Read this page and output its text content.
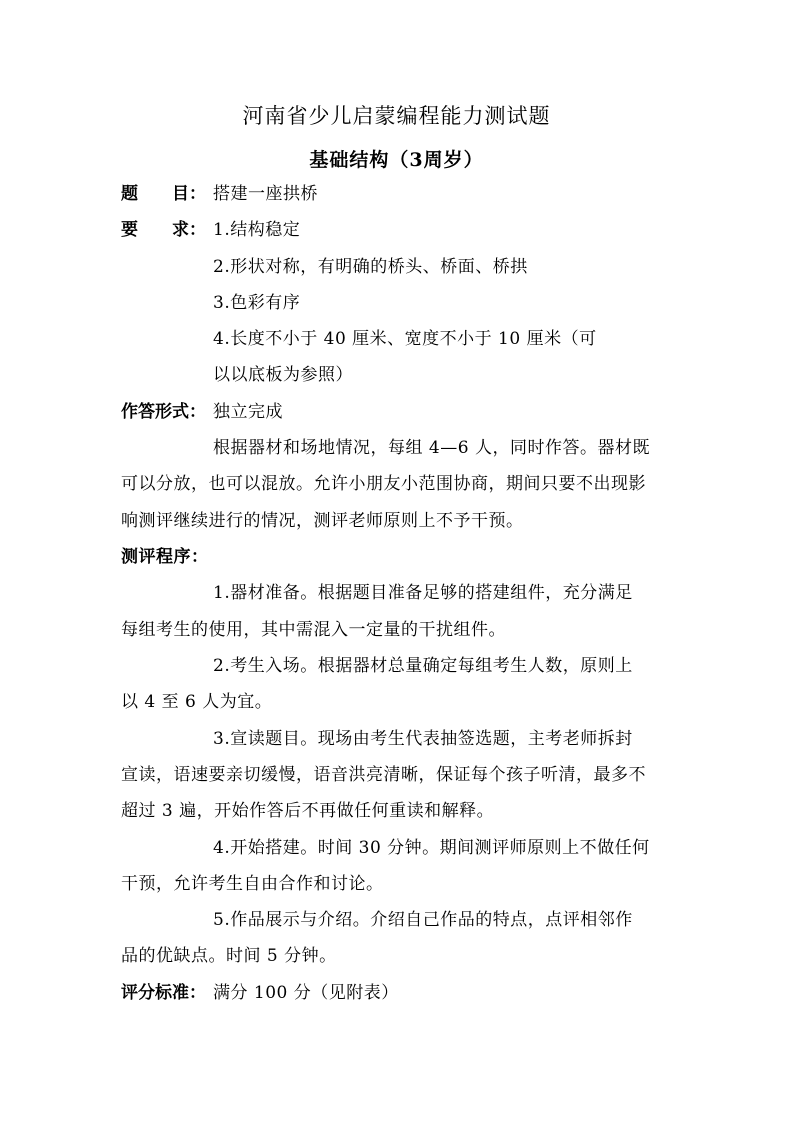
河南省少儿启蒙编程能力测试题
基础结构（3周岁）
题　　目： 搭建一座拱桥
要　　求： 1.结构稳定
2.形状对称，有明确的桥头、桥面、桥拱
3.色彩有序
4.长度不小于 40 厘米、宽度不小于 10 厘米（可
以以底板为参照）
作答形式： 独立完成
根据器材和场地情况，每组 4—6 人，同时作答。器材既
可以分放，也可以混放。允许小朋友小范围协商，期间只要不出现影
响测评继续进行的情况，测评老师原则上不予干预。
测评程序：
1.器材准备。根据题目准备足够的搭建组件，充分满足
每组考生的使用，其中需混入一定量的干扰组件。
2.考生入场。根据器材总量确定每组考生人数，原则上
以 4 至 6 人为宜。
3.宣读题目。现场由考生代表抽签选题，主考老师拆封
宣读，语速要亲切缓慢，语音洪亮清晰，保证每个孩子听清，最多不
超过 3 遍，开始作答后不再做任何重读和解释。
4.开始搭建。时间 30 分钟。期间测评师原则上不做任何
干预，允许考生自由合作和讨论。
5.作品展示与介绍。介绍自己作品的特点，点评相邻作
品的优缺点。时间 5 分钟。
评分标准： 满分 100 分（见附表）
